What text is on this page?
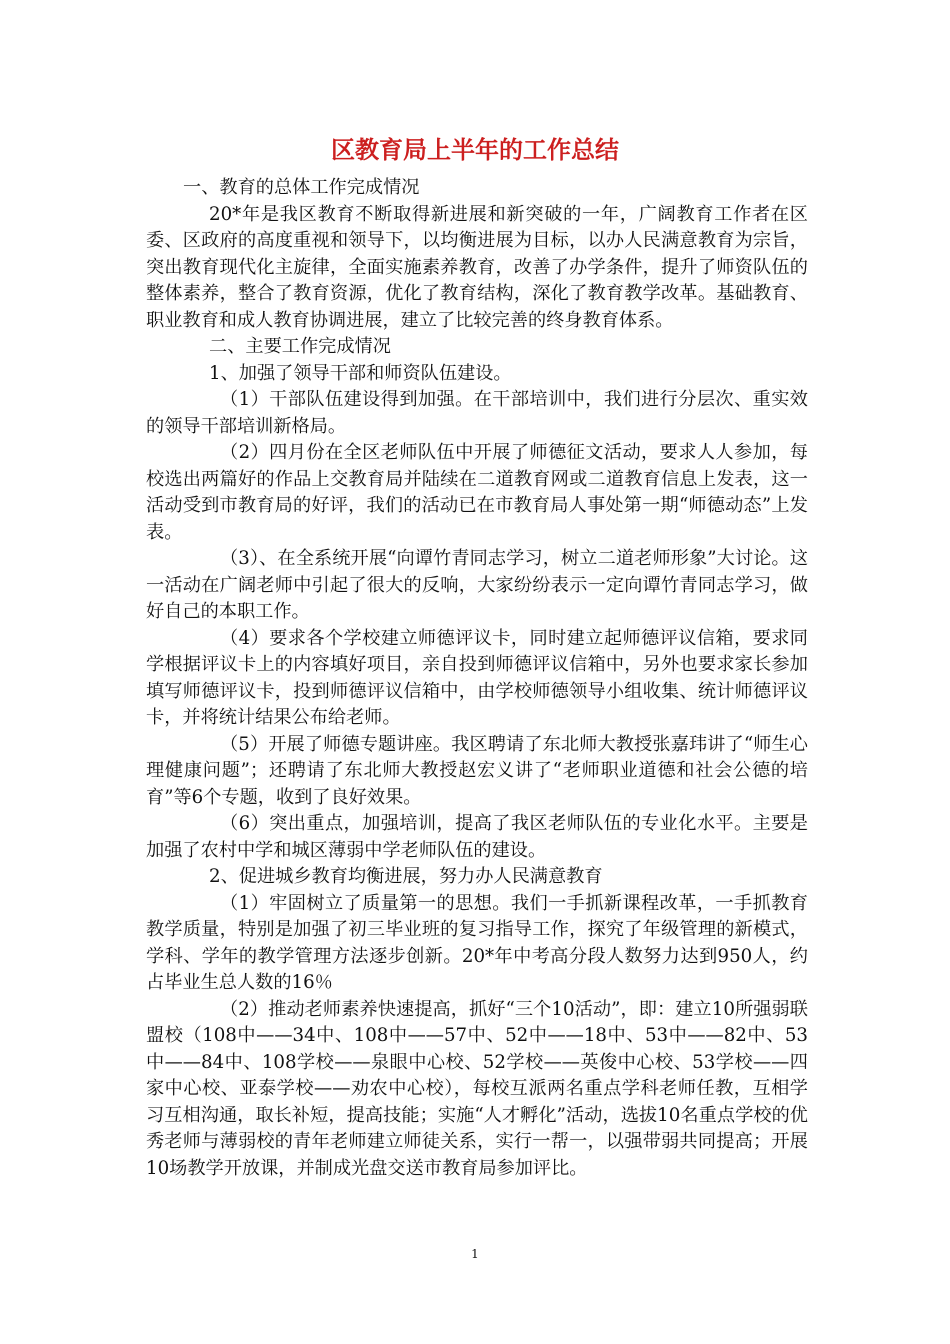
区教育局上半年的工作总结

一、教育的总体工作完成情况

20*年是我区教育不断取得新进展和新突破的一年，广阔教育工作者在区委、区政府的高度重视和领导下，以均衡进展为目标，以办人民满意教育为宗旨，突出教育现代化主旋律，全面实施素养教育，改善了办学条件，提升了师资队伍的整体素养，整合了教育资源，优化了教育结构，深化了教育教学改革。基础教育、职业教育和成人教育协调进展，建立了比较完善的终身教育体系。

二、主要工作完成情况

1、加强了领导干部和师资队伍建设。

（1）干部队伍建设得到加强。在干部培训中，我们进行分层次、重实效的领导干部培训新格局。

（2）四月份在全区老师队伍中开展了师德征文活动，要求人人参加，每校选出两篇好的作品上交教育局并陆续在二道教育网或二道教育信息上发表，这一活动受到市教育局的好评，我们的活动已在市教育局人事处第一期“师德动态”上发表。

（3）、在全系统开展“向谭竹青同志学习，树立二道老师形象”大讨论。这一活动在广阔老师中引起了很大的反响，大家纷纷表示一定向谭竹青同志学习，做好自己的本职工作。

（4）要求各个学校建立师德评议卡，同时建立起师德评议信箱，要求同学根据评议卡上的内容填好项目，亲自投到师德评议信箱中，另外也要求家长参加填写师德评议卡，投到师德评议信箱中，由学校师德领导小组收集、统计师德评议卡，并将统计结果公布给老师。

（5）开展了师德专题讲座。我区聘请了东北师大教授张嘉玮讲了“师生心理健康问题”；还聘请了东北师大教授赵宏义讲了“老师职业道德和社会公德的培育”等6个专题，收到了良好效果。

（6）突出重点，加强培训，提高了我区老师队伍的专业化水平。主要是加强了农村中学和城区薄弱中学老师队伍的建设。

2、促进城乡教育均衡进展，努力办人民满意教育

（1）牢固树立了质量第一的思想。我们一手抓新课程改革，一手抓教育教学质量，特别是加强了初三毕业班的复习指导工作，探究了年级管理的新模式，学科、学年的教学管理方法逐步创新。20*年中考高分段人数努力达到950人，约占毕业生总人数的16％

（2）推动老师素养快速提高，抓好“三个10活动”，即：建立10所强弱联盟校（108中——34中、108中——57中、52中——18中、53中——82中、53中——84中、108学校——泉眼中心校、52学校——英俊中心校、53学校——四家中心校、亚泰学校——劝农中心校），每校互派两名重点学科老师任教，互相学习互相沟通，取长补短，提高技能；实施“人才孵化”活动，选拔10名重点学校的优秀老师与薄弱校的青年老师建立师徒关系，实行一帮一，以强带弱共同提高；开展10场教学开放课，并制成光盘交送市教育局参加评比。

1
